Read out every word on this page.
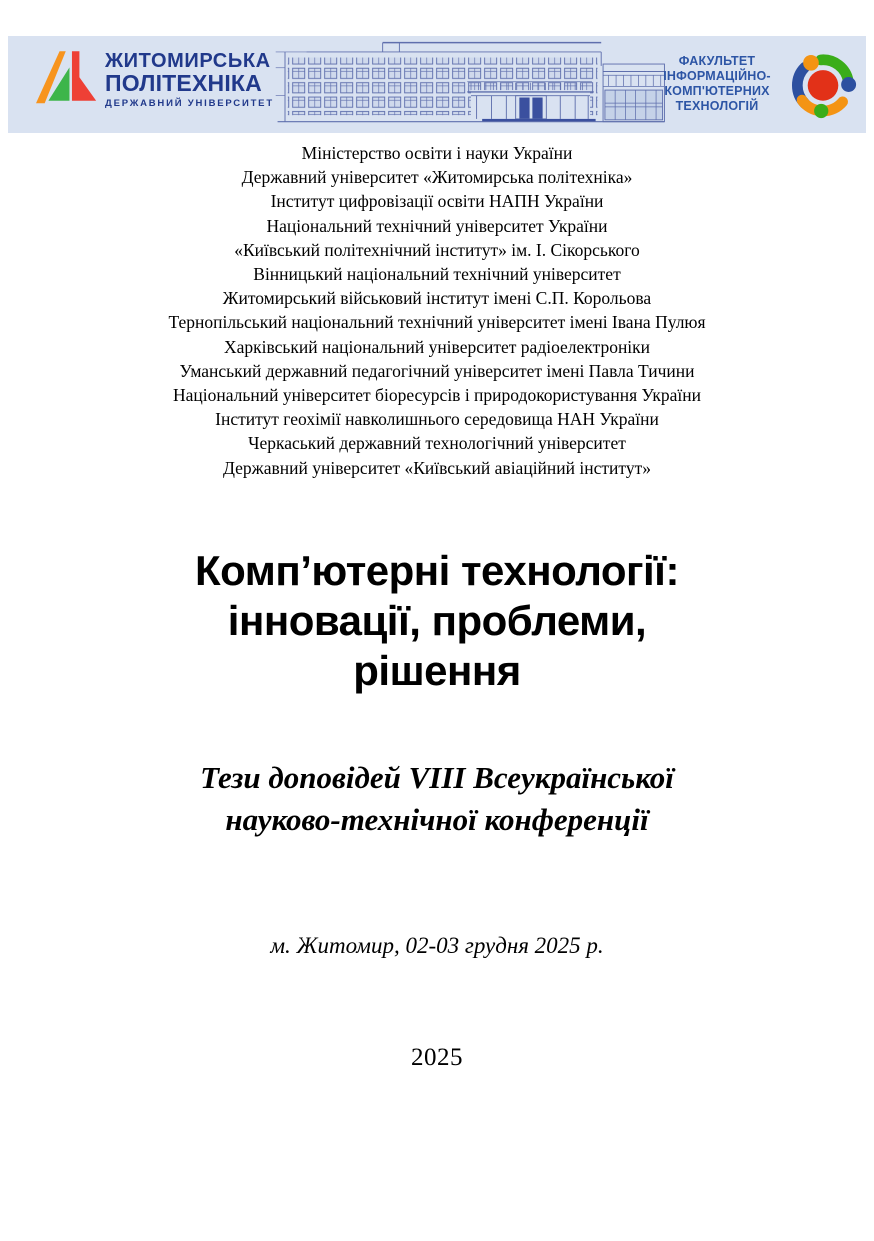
ЖИТОМИРСЬКА
ПОЛІТЕХНІКА
ДЕРЖАВНИЙ УНІВЕРСИТЕТ
ФАКУЛЬТЕТ
ІНФОРМАЦІЙНО-
КОМП'ЮТЕРНИХ
ТЕХНОЛОГІЙ
Міністерство освіти і науки України
Державний університет «Житомирська політехніка»
Інститут цифровізації освіти НАПН України
Національний технічний університет України
«Київський політехнічний інститут» ім. І. Сікорського
Вінницький національний технічний університет
Житомирський військовий інститут імені С.П. Корольова
Тернопільський національний технічний університет імені Івана Пулюя
Харківський національний університет радіоелектроніки
Уманський державний педагогічний університет імені Павла Тичини
Національний університет біоресурсів і природокористування України
Інститут геохімії навколишнього середовища НАН України
Черкаський державний технологічний університет
Державний університет «Київський авіаційний інститут»
Комп’ютерні технології:
інновації, проблеми,
рішення
Тези доповідей VIII Всеукраїнської
науково-технічної конференції
м. Житомир, 02-03 грудня 2025 р.
2025
